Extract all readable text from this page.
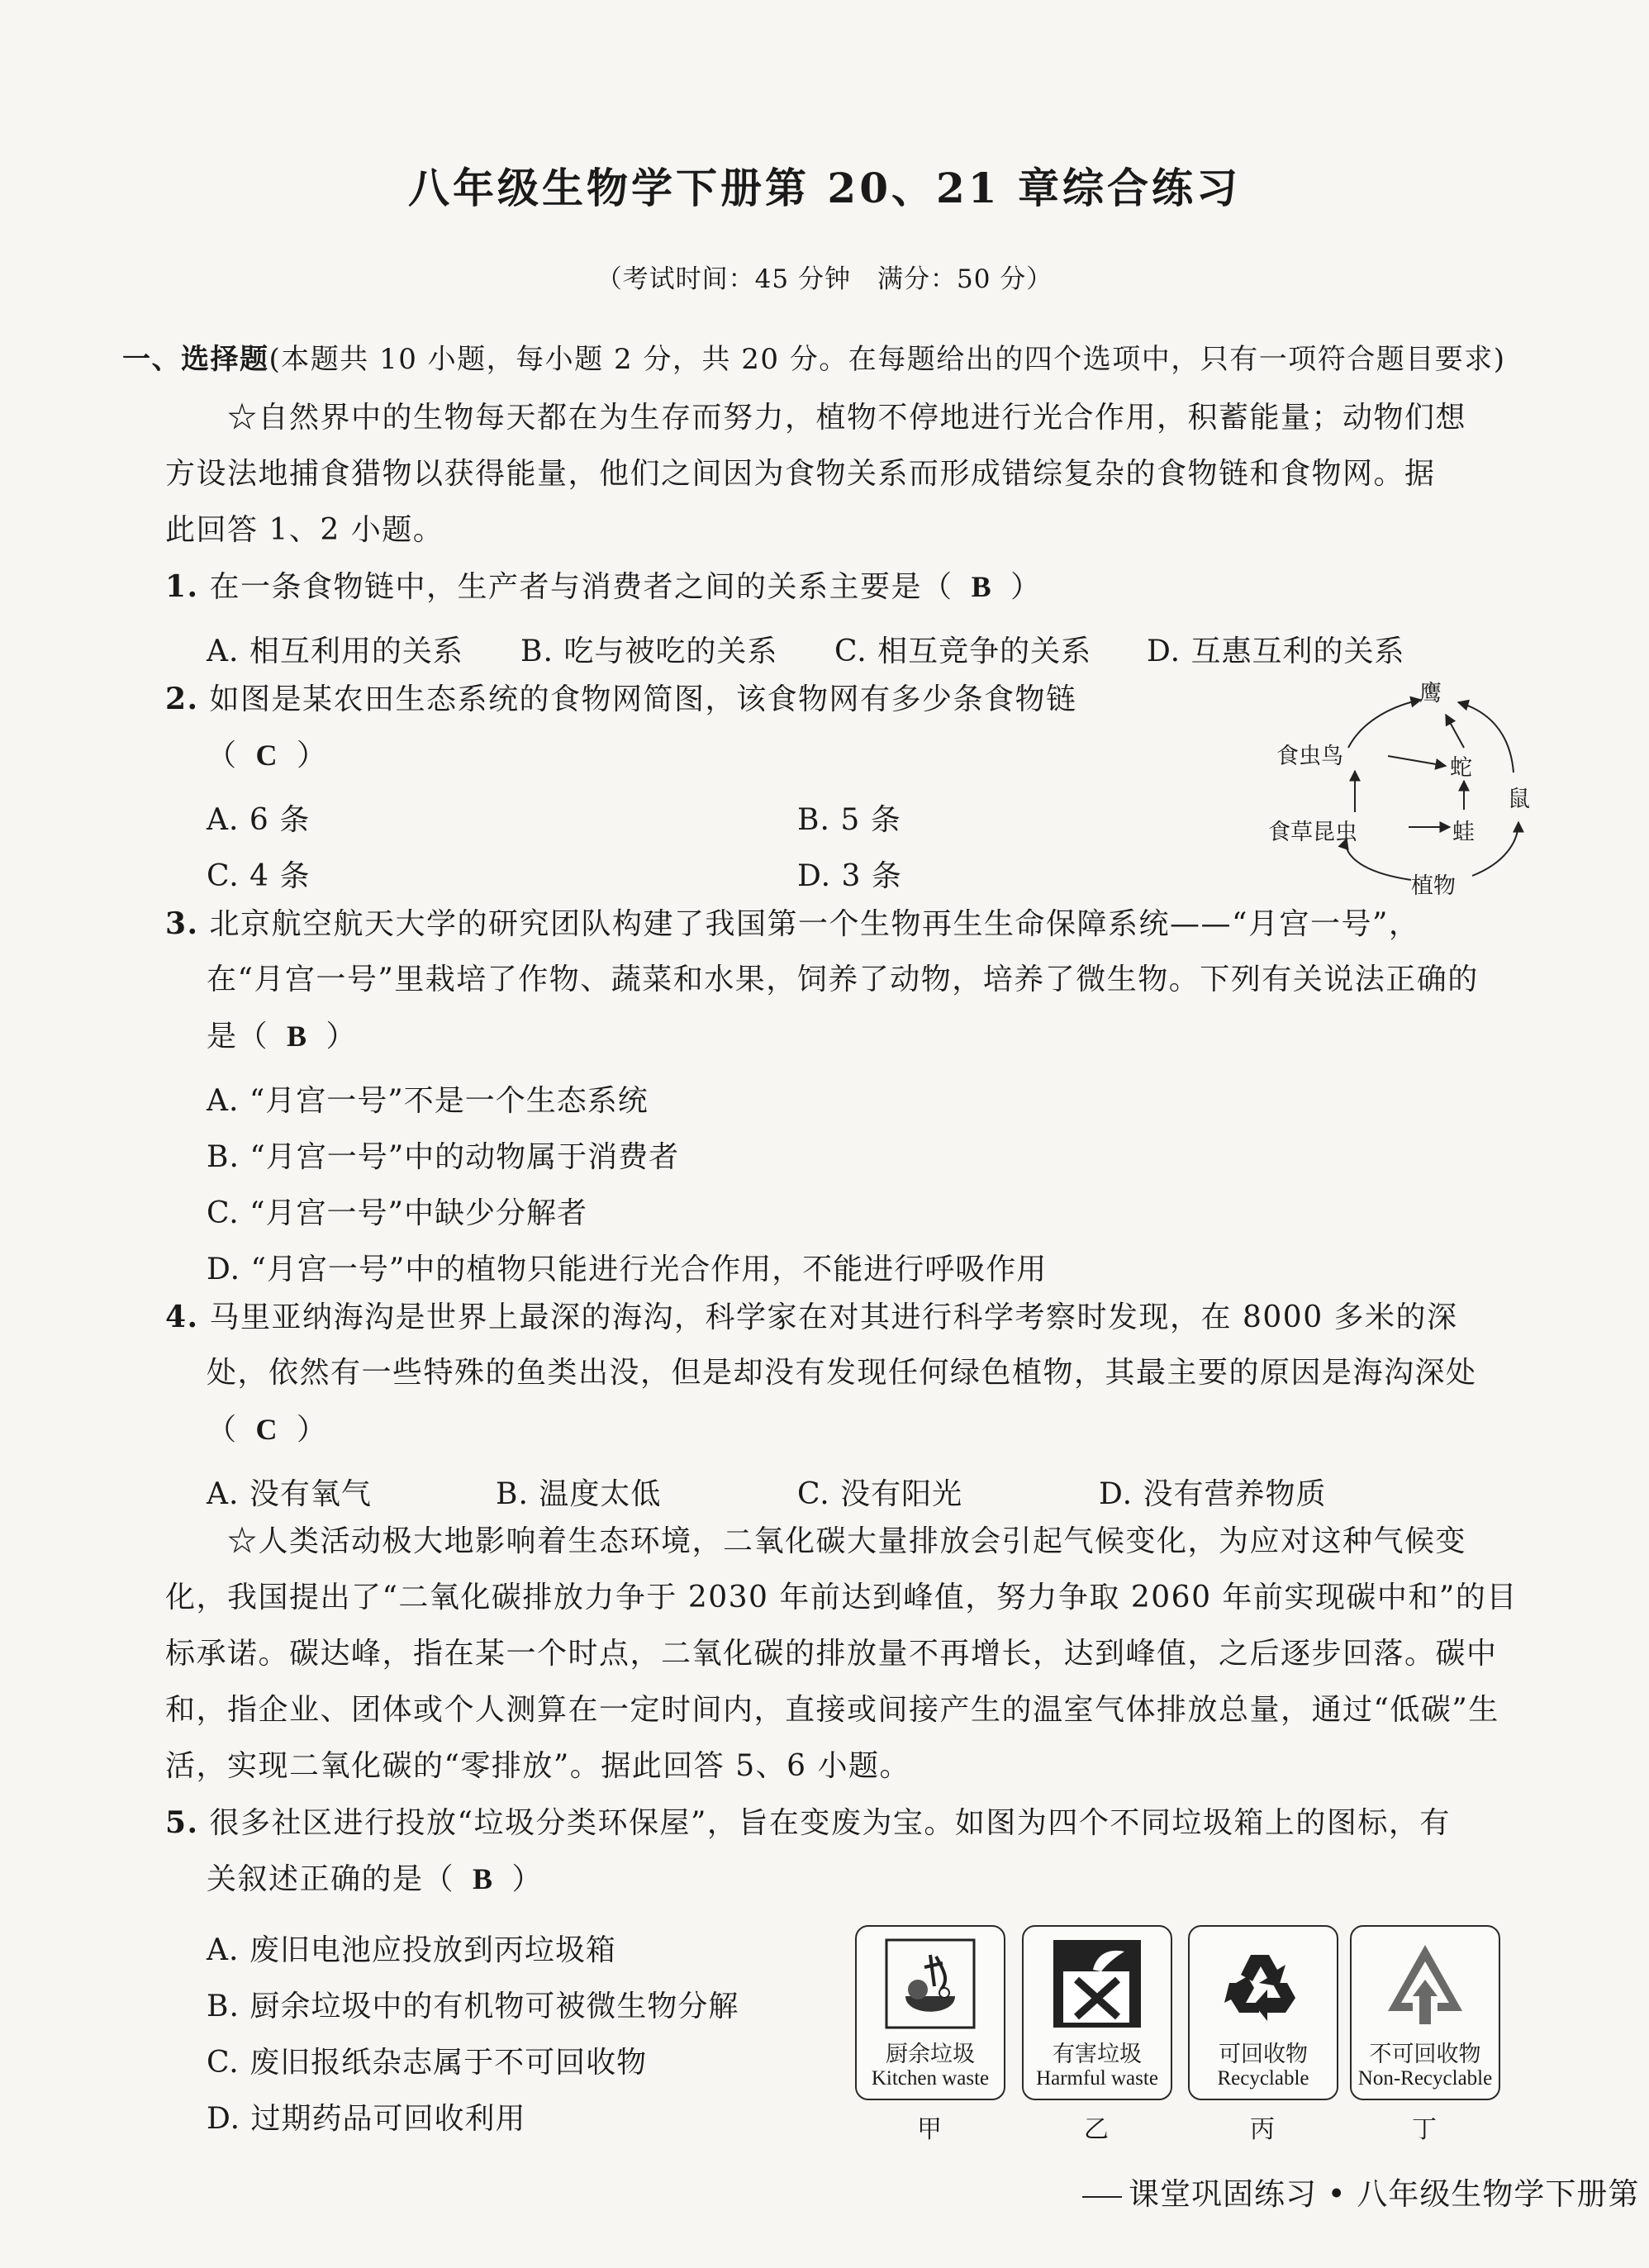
八年级生物学下册第 20、21 章综合练习
（考试时间：45 分钟　满分：50 分）
一、选择题(本题共 10 小题，每小题 2 分，共 20 分。在每题给出的四个选项中，只有一项符合题目要求)
☆自然界中的生物每天都在为生存而努力，植物不停地进行光合作用，积蓄能量；动物们想
方设法地捕食猎物以获得能量，他们之间因为食物关系而形成错综复杂的食物链和食物网。据
此回答 1、2 小题。
1. 在一条食物链中，生产者与消费者之间的关系主要是（ B ）
A. 相互利用的关系 B. 吃与被吃的关系 C. 相互竞争的关系 D. 互惠互利的关系
2. 如图是某农田生态系统的食物网简图，该食物网有多少条食物链
（ C ）
A. 6 条	B. 5 条
C. 4 条	D. 3 条
鹰
食虫鸟	蛇
鼠
食草昆虫	蛙
植物
3. 北京航空航天大学的研究团队构建了我国第一个生物再生生命保障系统——“月宫一号”，
在“月宫一号”里栽培了作物、蔬菜和水果，饲养了动物，培养了微生物。下列有关说法正确的
是（ B ）
A. “月宫一号”不是一个生态系统
B. “月宫一号”中的动物属于消费者
C. “月宫一号”中缺少分解者
D. “月宫一号”中的植物只能进行光合作用，不能进行呼吸作用
4. 马里亚纳海沟是世界上最深的海沟，科学家在对其进行科学考察时发现，在 8000 多米的深
处，依然有一些特殊的鱼类出没，但是却没有发现任何绿色植物，其最主要的原因是海沟深处
（ C ）
A. 没有氧气	B. 温度太低	C. 没有阳光	D. 没有营养物质
☆人类活动极大地影响着生态环境，二氧化碳大量排放会引起气候变化，为应对这种气候变
化，我国提出了“二氧化碳排放力争于 2030 年前达到峰值，努力争取 2060 年前实现碳中和”的目
标承诺。碳达峰，指在某一个时点，二氧化碳的排放量不再增长，达到峰值，之后逐步回落。碳中
和，指企业、团体或个人测算在一定时间内，直接或间接产生的温室气体排放总量，通过“低碳”生
活，实现二氧化碳的“零排放”。据此回答 5、6 小题。
5. 很多社区进行投放“垃圾分类环保屋”，旨在变废为宝。如图为四个不同垃圾箱上的图标，有
关叙述正确的是（ B ）
A. 废旧电池应投放到丙垃圾箱
B. 厨余垃圾中的有机物可被微生物分解
C. 废旧报纸杂志属于不可回收物
D. 过期药品可回收利用
厨余垃圾
Kitchen waste
有害垃圾
Harmful waste
可回收物
Recyclable
不可回收物
Non-Recyclable
甲	乙	丙	丁
课堂巩固练习 • 八年级生物学下册第
